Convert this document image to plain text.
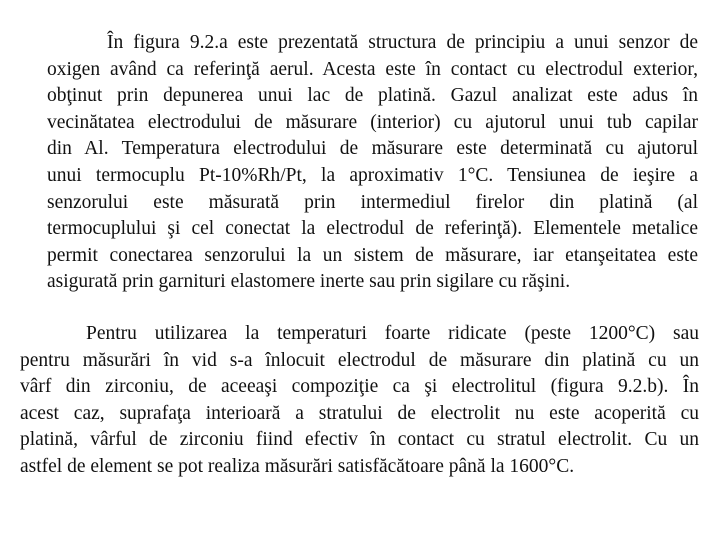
În figura 9.2.a este prezentată structura de principiu a unui senzor de
oxigen având ca referinţă aerul. Acesta este în contact cu electrodul exterior,
obţinut prin depunerea unui lac de platină. Gazul analizat este adus în
vecinătatea electrodului de măsurare (interior) cu ajutorul unui tub capilar
din Al. Temperatura electrodului de măsurare este determinată cu ajutorul
unui termocuplu Pt-10%Rh/Pt, la aproximativ 1°C. Tensiunea de ieşire a
senzorului este măsurată prin intermediul firelor din platină (al
termocuplului şi cel conectat la electrodul de referinţă). Elementele metalice
permit conectarea senzorului la un sistem de măsurare, iar etanşeitatea este
asigurată prin garnituri elastomere inerte sau prin sigilare cu răşini.

Pentru utilizarea la temperaturi foarte ridicate (peste 1200°C) sau
pentru măsurări în vid s-a înlocuit electrodul de măsurare din platină cu un
vârf din zirconiu, de aceeaşi compoziţie ca şi electrolitul (figura 9.2.b). În
acest caz, suprafaţa interioară a stratului de electrolit nu este acoperită cu
platină, vârful de zirconiu fiind efectiv în contact cu stratul electrolit. Cu un
astfel de element se pot realiza măsurări satisfăcătoare până la 1600°C.
